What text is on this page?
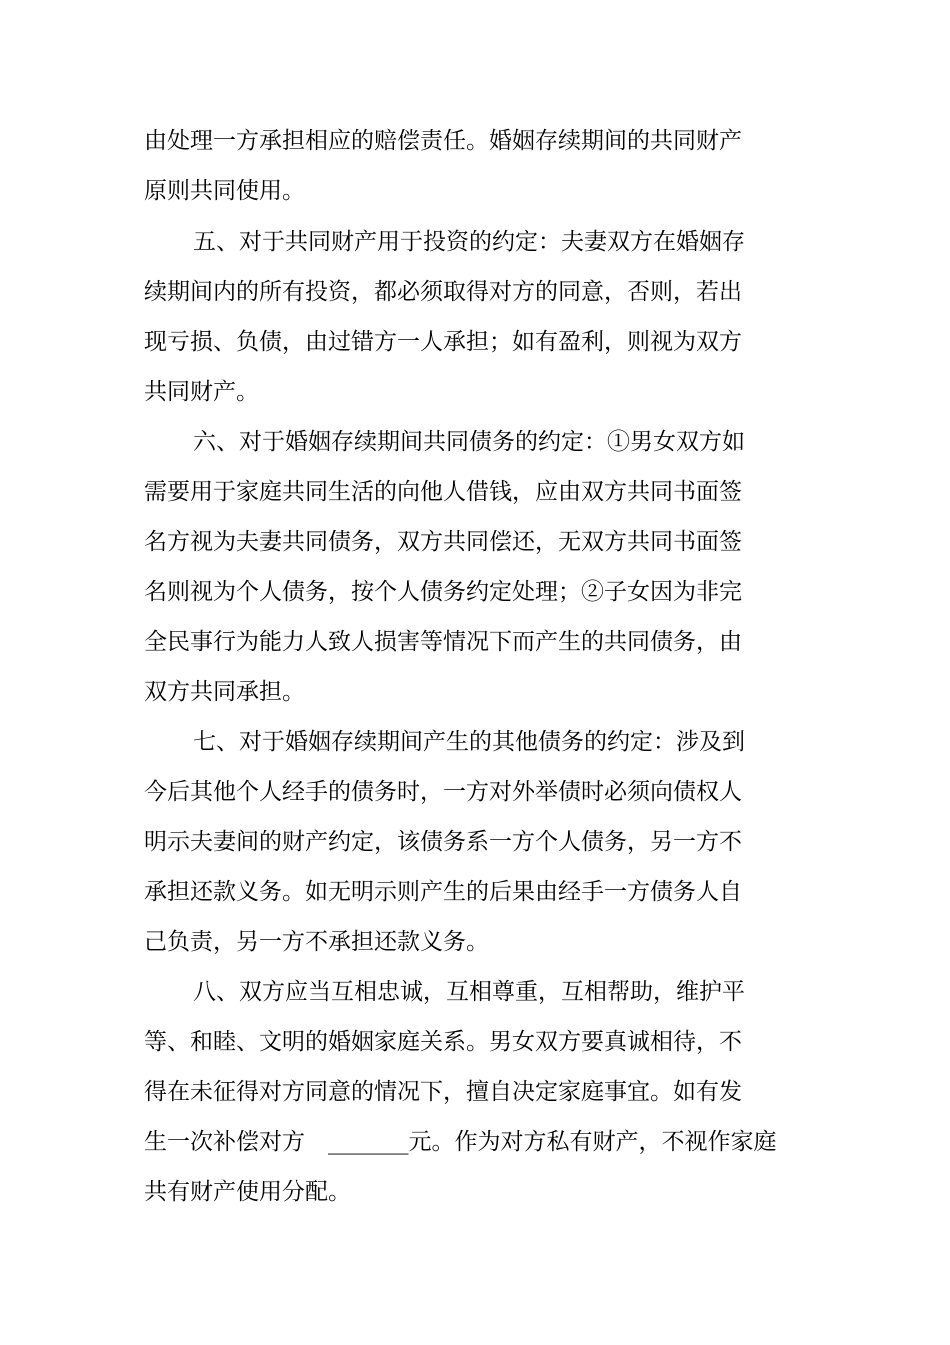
由处理一方承担相应的赔偿责任。婚姻存续期间的共同财产
原则共同使用。
五、对于共同财产用于投资的约定：夫妻双方在婚姻存
续期间内的所有投资，都必须取得对方的同意，否则，若出
现亏损、负债，由过错方一人承担；如有盈利，则视为双方
共同财产。
六、对于婚姻存续期间共同债务的约定：①男女双方如
需要用于家庭共同生活的向他人借钱，应由双方共同书面签
名方视为夫妻共同债务，双方共同偿还，无双方共同书面签
名则视为个人债务，按个人债务约定处理；②子女因为非完
全民事行为能力人致人损害等情况下而产生的共同债务，由
双方共同承担。
七、对于婚姻存续期间产生的其他债务的约定：涉及到
今后其他个人经手的债务时，一方对外举债时必须向债权人
明示夫妻间的财产约定，该债务系一方个人债务，另一方不
承担还款义务。如无明示则产生的后果由经手一方债务人自
己负责，另一方不承担还款义务。
八、双方应当互相忠诚，互相尊重，互相帮助，维护平
等、和睦、文明的婚姻家庭关系。男女双方要真诚相待，不
得在未征得对方同意的情况下，擅自决定家庭事宜。如有发
生一次补偿对方　_______元。作为对方私有财产，不视作家庭
共有财产使用分配。
